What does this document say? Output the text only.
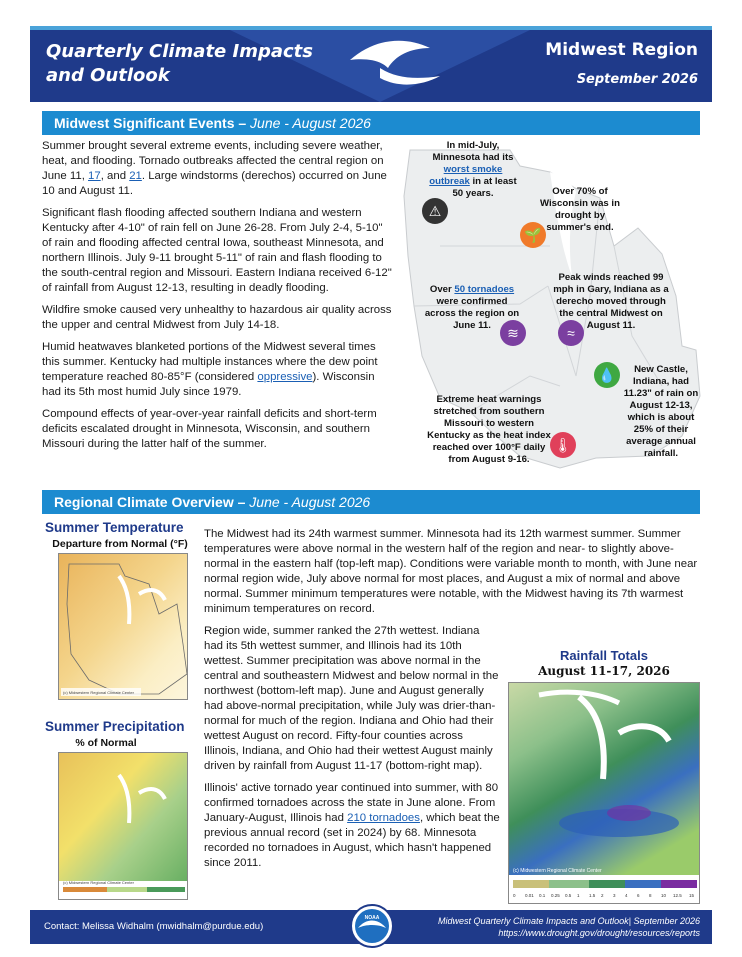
Quarterly Climate Impacts and Outlook
Midwest Region
September 2026
Midwest Significant Events – June - August 2026

Summer brought several extreme events, including severe weather, heat, and flooding. Tornado outbreaks affected the central region on June 11, 17, and 21. Large windstorms (derechos) occurred on June 10 and August 11.

Significant flash flooding affected southern Indiana and western Kentucky after 4-10" of rain fell on June 26-28. From July 2-4, 5-10" of rain and flooding affected central Iowa, southeast Minnesota, and northern Illinois. July 9-11 brought 5-11" of rain and flash flooding to the south-central region and Missouri. Eastern Indiana received 6-12" of rainfall from August 12-13, resulting in deadly flooding.

Wildfire smoke caused very unhealthy to hazardous air quality across the upper and central Midwest from July 14-18.

Humid heatwaves blanketed portions of the Midwest several times this summer. Kentucky had multiple instances where the dew point temperature reached 80-85°F (considered oppressive). Wisconsin had its 5th most humid July since 1979.

Compound effects of year-over-year rainfall deficits and short-term deficits escalated drought in Minnesota, Wisconsin, and southern Missouri during the latter half of the summer.

In mid-July, Minnesota had its worst smoke outbreak in at least 50 years.
⚠
Over 70% of Wisconsin was in drought by summer's end.
🌱
Over 50 tornadoes were confirmed across the region on June 11.	≋
Peak winds reached 99 mph in Gary, Indiana as a derecho moved through the central Midwest on August 11.
≈
New Castle, Indiana, had 11.23" of rain on August 12-13, which is about 25% of their average annual rainfall.
💧
Extreme heat warnings stretched from southern Missouri to western Kentucky as the heat index reached over 100°F daily from August 9-16.
🌡
Regional Climate Overview – June - August 2026
Summer Temperature
Departure from Normal (°F)
(c) Midwestern Regional Climate Center
Summer Precipitation
% of Normal
(c) Midwestern Regional Climate Center

The Midwest had its 24th warmest summer. Minnesota had its 12th warmest summer. Summer temperatures were above normal in the western half of the region and near- to slightly above-normal in the eastern half (top-left map). Conditions were variable month to month, with June near normal region wide, July above normal for most places, and August a mix of normal and above normal. Summer minimum temperatures were notable, with the Midwest having its 7th warmest minimum temperatures on record.

Region wide, summer ranked the 27th wettest. Indiana had its 5th wettest summer, and Illinois had its 10th wettest. Summer precipitation was above normal in the central and southeastern Midwest and below normal in the northwest (bottom-left map). June and August generally had above-normal precipitation, while July was drier-than-normal for much of the region. Indiana and Ohio had their wettest August on record. Fifty-four counties across Illinois, Indiana, and Ohio had their wettest August mainly driven by rainfall from August 11-17 (bottom-right map).

Illinois' active tornado year continued into summer, with 80 confirmed tornadoes across the state in June alone. From January-August, Illinois had 210 tornadoes, which beat the previous annual record (set in 2024) by 68. Minnesota recorded no tornadoes in August, which hasn't happened since 2011.

Rainfall Totals
August 11-17, 2026
(c) Midwestern Regional Climate Center
0 0.01 0.1 0.25 0.5 1 1.5 2 3 4 6 8 10 12.5 15
Contact: Melissa Widhalm (mwidhalm@purdue.edu)
NOAA	Midwest Quarterly Climate Impacts and Outlook| September 2026
https://www.drought.gov/drought/resources/reports
